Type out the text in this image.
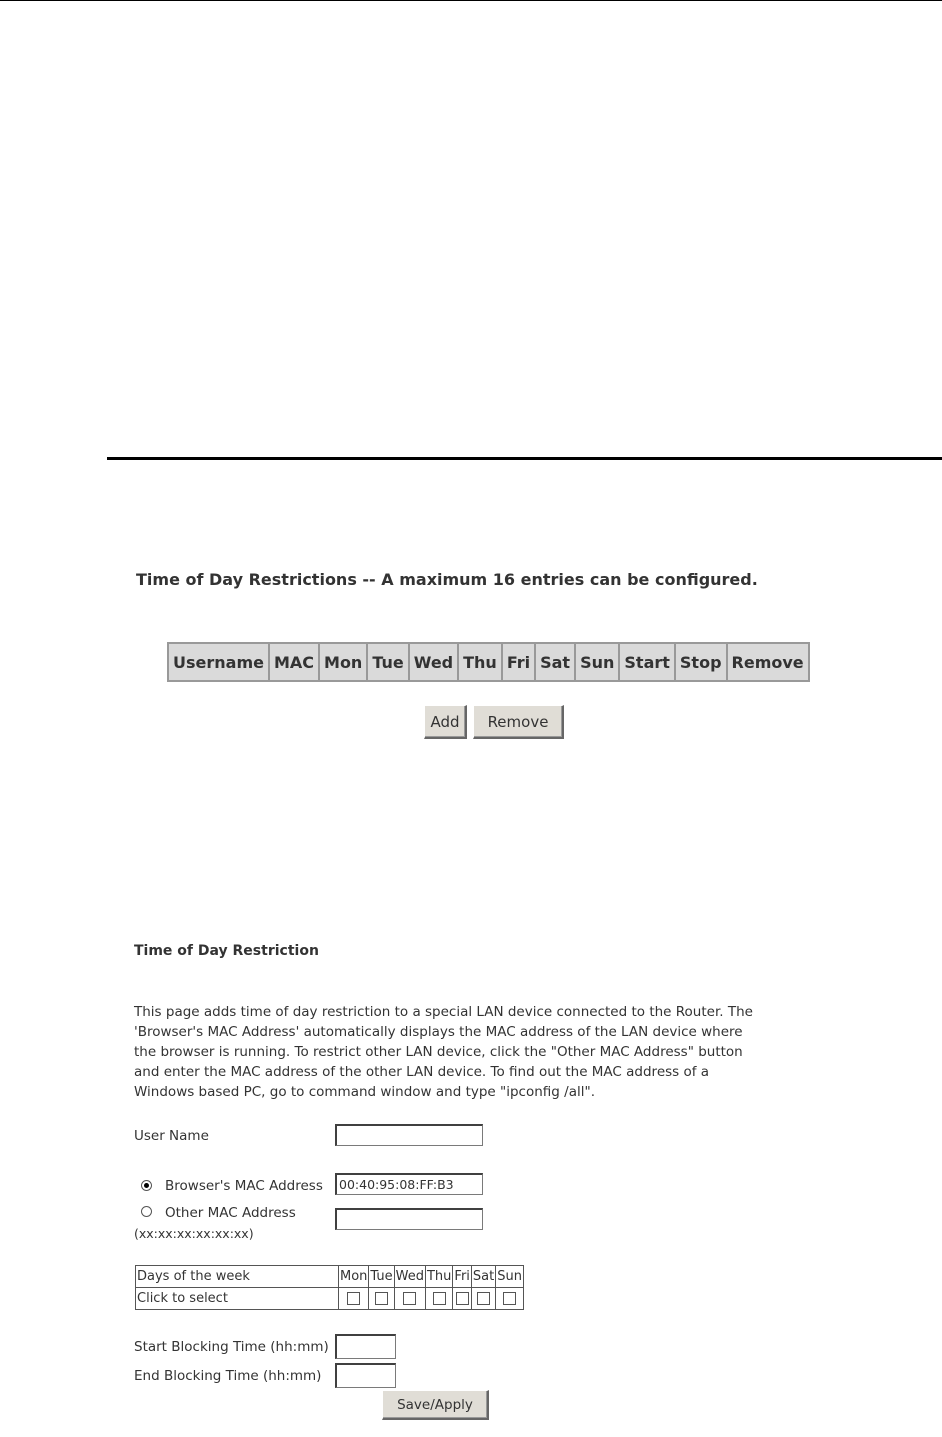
Time of Day Restrictions -- A maximum 16 entries can be configured.
Username	MAC	Mon	Tue	Wed	Thu	Fri	Sat	Sun	Start	Stop	Remove
Add	Remove
Time of Day Restriction
This page adds time of day restriction to a special LAN device connected to the Router. The 'Browser's MAC Address' automatically displays the MAC address of the LAN device where the browser is running. To restrict other LAN device, click the "Other MAC Address" button and enter the MAC address of the other LAN device. To find out the MAC address of a Windows based PC, go to command window and type "ipconfig /all".
User Name
Browser's MAC Address
00:40:95:08:FF:B3
Other MAC Address
(xx:xx:xx:xx:xx:xx)
Days of the week	Mon	Tue	Wed	Thu	Fri	Sat	Sun
Click to select							
Start Blocking Time (hh:mm)
End Blocking Time (hh:mm)
Save/Apply
